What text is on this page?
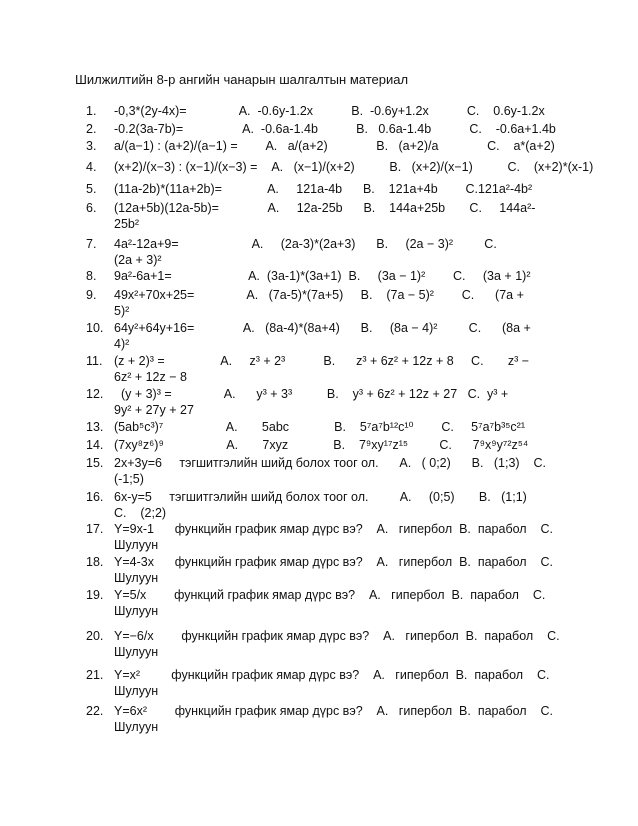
Шилжилтийн 8-р ангийн чанарын шалгалтын материал
1.	-0,3*(2y-4x)=               А.  -0.6y-1.2x           В.  -0.6y+1.2x           С.    0.6y-1.2x
2.	-0.2(3a-7b)=                 А.  -0.6a-1.4b           В.   0.6a-1.4b           С.    -0.6a+1.4b
3.	a/(a−1) : (a+2)/(a−1) =        А.   a/(a+2)              В.   (a+2)/a              С.    a*(a+2)
4.	(x+2)/(x−3) : (x−1)/(x−3) =    А.   (x−1)/(x+2)          В.   (x+2)/(x−1)          С.    (x+2)*(x-1)
5.	(11a-2b)*(11a+2b)=             А.     121a-4b      В.    121a+4b        С.121a²-4b²
6.	(12a+5b)(12a-5b)=              А.     12a-25b      В.    144a+25b       С.     144a²-
25b²
7.	4a²-12a+9=                     А.     (2a-3)*(2a+3)      В.     (2a − 3)²         С.
(2a + 3)²
8.	9a²-6a+1=                      А.  (3a-1)*(3a+1)  В.     (3a − 1)²        С.     (3a + 1)²
9.	49x²+70x+25=               А.   (7a-5)*(7a+5)     В.    (7a − 5)²        С.      (7a +
5)²
10. 64y²+64y+16=              А.   (8a-4)*(8a+4)      В.     (8a − 4)²         С.      (8a +
4)²
11. (z + 2)³ =                А.     z³ + 2³           В.      z³ + 6z² + 12z + 8     С.       z³ −
6z² + 12z − 8
12. (y + 3)³ =               А.      y³ + 3³          В.    y³ + 6z² + 12z + 27   С.  y³ +
9y² + 27y + 27
13. (5ab⁵c³)⁷                  А.       5abc             В.    5⁷a⁷b¹²c¹⁰        С.     5⁷a⁷b³⁵c²¹
14. (7xy⁸z⁶)⁹                  А.       7xyz             В.    7⁹xy¹⁷z¹⁵         С.      7⁹x⁹y⁷²z⁵⁴
15. 2x+3y=6     тэгшитгэлийн шийд болох тоог ол.      А.   ( 0;2)      В.   (1;3)    С.
(-1;5)
16. 6x-y=5     тэгшитгэлийн шийд болох тоог ол.         А.     (0;5)       В.   (1;1)
С.    (2;2)
17. Y=9x-1      функцийн график ямар дүрс вэ?    А.   гипербол  В.  парабол    С.
Шулуун
18. Y=4-3x      функцийн график ямар дүрс вэ?    А.   гипербол  В.  парабол    С.
Шулуун
19. Y=5/x        функций график ямар дүрс вэ?    А.   гипербол  В.  парабол    С.
Шулуун
20. Y=−6/x        функцийн график ямар дүрс вэ?    А.   гипербол  В.  парабол    С.
Шулуун
21. Y=x²         функцийн график ямар дүрс вэ?    А.   гипербол  В.  парабол    С.
Шулуун
22. Y=6x²        функцийн график ямар дүрс вэ?    А.   гипербол  В.  парабол    С.
Шулуун
